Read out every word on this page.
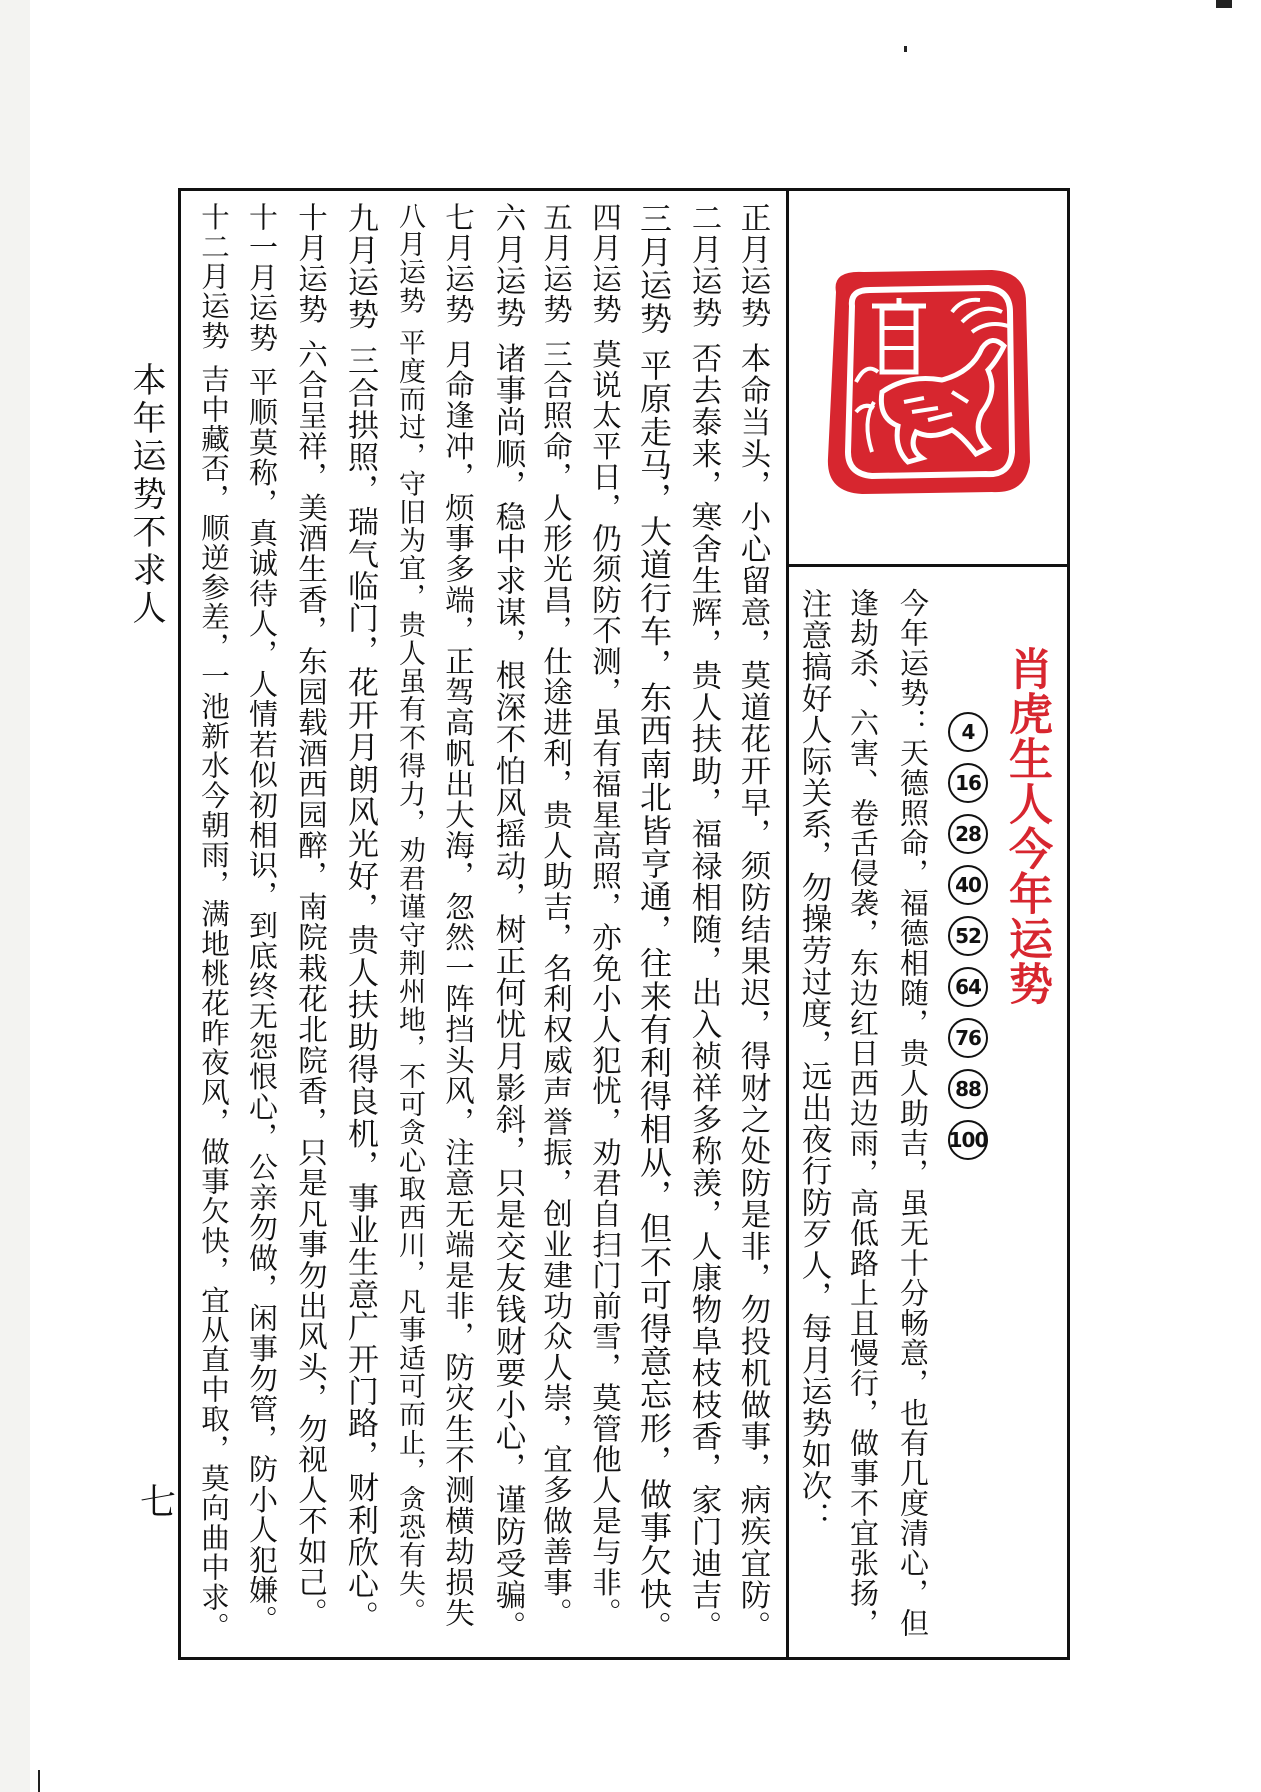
本年运势不求人
七
肖虎生人今年运势
4
16
28
40
52
64
76
88
100
今年运势：天德照命，福德相随，贵人助吉，虽无十分畅意，也有几度清心，但
逢劫杀、六害、卷舌侵袭，东边红日西边雨，高低路上且慢行，做事不宜张扬，
注意搞好人际关系，勿操劳过度，远出夜行防歹人，每月运势如次：
正月运势本命当头，小心留意，莫道花开早，须防结果迟，得财之处防是非，勿投机做事，病疾宜防。
二月运势否去泰来，寒舍生辉，贵人扶助，福禄相随，出入祯祥多称羡，人康物阜枝枝香，家门迪吉。
三月运势平原走马，大道行车，东西南北皆亨通，往来有利得相从，但不可得意忘形，做事欠快。
四月运势莫说太平日，仍须防不测，虽有福星高照，亦免小人犯忧，劝君自扫门前雪，莫管他人是与非。
五月运势三合照命，人形光昌，仕途进利，贵人助吉，名利权威声誉振，创业建功众人崇，宜多做善事。
六月运势诸事尚顺，稳中求谋，根深不怕风摇动，树正何忧月影斜，只是交友钱财要小心，谨防受骗。
七月运势月命逢冲，烦事多端，正驾高帆出大海，忽然一阵挡头风，注意无端是非，防灾生不测横劫损失
八月运势平度而过，守旧为宜，贵人虽有不得力，劝君谨守荆州地，不可贪心取西川，凡事适可而止，贪恐有失。
九月运势三合拱照，瑞气临门，花开月朗风光好，贵人扶助得良机，事业生意广开门路，财利欣心。
十月运势六合呈祥，美酒生香，东园载酒西园醉，南院栽花北院香，只是凡事勿出风头，勿视人不如己。
十一月运势平顺莫称，真诚待人，人情若似初相识，到底终无怨恨心，公亲勿做，闲事勿管，防小人犯嫌。
十二月运势吉中藏否，顺逆参差，一池新水今朝雨，满地桃花昨夜风，做事欠快，宜从直中取，莫向曲中求。
